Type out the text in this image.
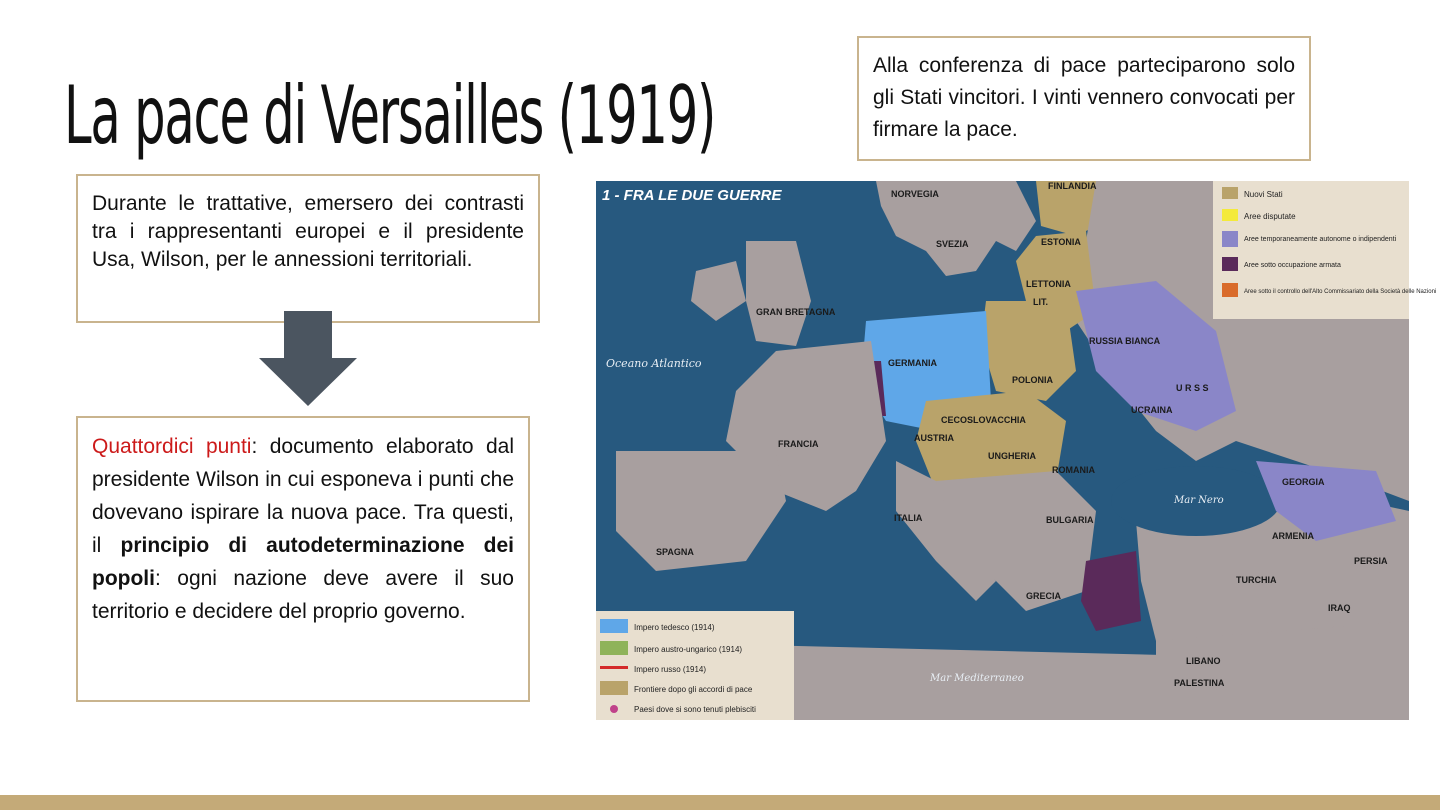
La pace di Versailles (1919)

Alla conferenza di pace parteciparono solo gli Stati vincitori. I vinti vennero convocati per firmare la pace.

Durante le trattative, emersero dei contrasti tra i rappresentanti europei e il presidente Usa, Wilson, per le annessioni territoriali.

Quattordici punti: documento elaborato dal presidente Wilson in cui esponeva i punti che dovevano ispirare la nuova pace. Tra questi, il principio di autodeterminazione dei popoli: ogni nazione deve avere il suo territorio e decidere del proprio governo.

1 - FRA LE DUE GUERRE	Nuovi Stati
Aree disputate
Aree temporaneamente autonome o indipendenti
Aree sotto occupazione armata
Aree sotto il controllo dell'Alto Commissariato della Società delle Nazioni
Impero tedesco (1914)
Impero austro-ungarico (1914)
Impero russo (1914)
Frontiere dopo gli accordi di pace
Paesi dove si sono tenuti plebisciti
FINLANDIA
NORVEGIA
SVEZIA	ESTONIA
LETTONIA
LIT.
RUSSIA BIANCA
U R S S
UCRAINA
GERMANIA
POLONIA
FRANCIA
SPAGNA
ITALIA
AUSTRIA
UNGHERIA
ROMANIA
BULGARIA
TURCHIA
GRECIA
GRAN BRETAGNA
CECOSLOVACCHIA
PERSIA
GEORGIA
ARMENIA
PALESTINA
LIBANO
IRAQ
Oceano Atlantico
Mar Nero
Mar Mediterraneo
